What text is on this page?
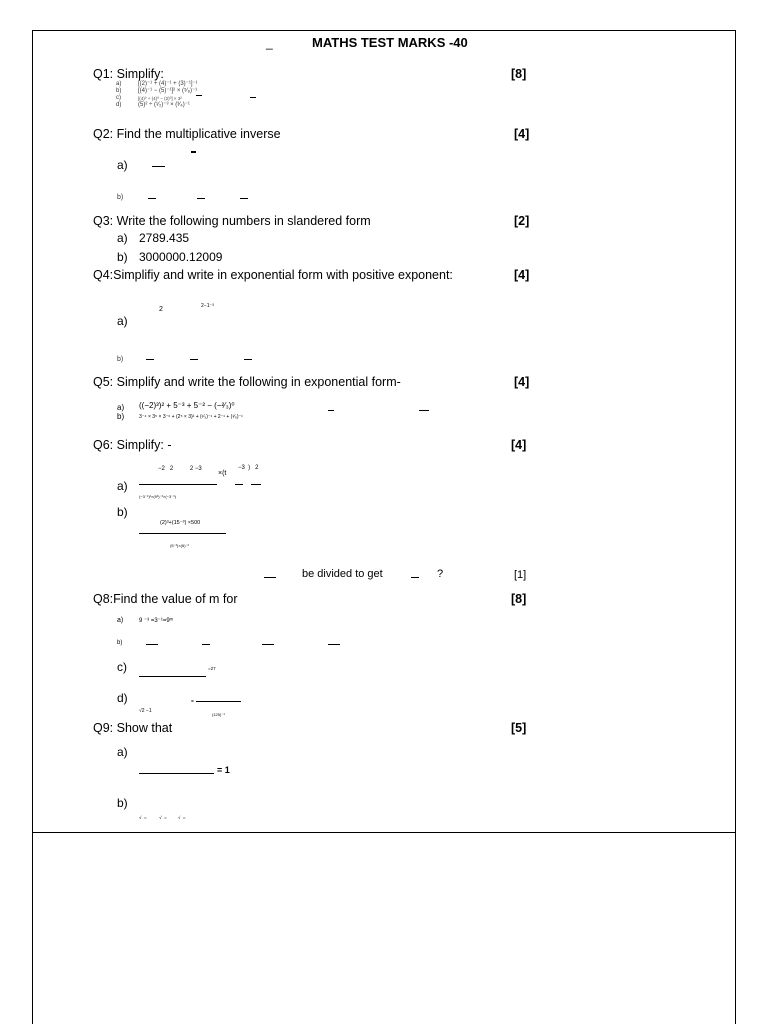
_	MATHS TEST MARKS -40
Q1: Simplify:	[8]
a)	[(2)⁻¹ + (4)⁻¹ + (3)⁻¹]⁻¹
b)	[(4)⁻¹ − (5)⁻¹]² × (⁵⁄₈)⁻¹
c)	[(4)⁰ + (4)⁰ − (2)⁰] × 3²
d)	(5)² ÷ (¹⁄₂)⁻³ × (³⁄₄)⁻¹
Q2: Find the multiplicative inverse	[4]
a)
b)
Q3: Write the following numbers in slandered form	[2]
a) 2789.435
b) 3000000.12009
Q4:Simplifiy and write in exponential form with positive exponent:	[4]
a)
2	2−1⁻³
b)
Q5: Simplify and write the following in exponential form-	[4]
a) ((−2)³)² + 5⁻³ + 5⁻² − (−²⁄₃)⁰
b)	3⁻⁴ × 3⁵ × 3⁻⁶ + (2⁵ × 3)² + (¹⁄₃)⁻¹ + 2⁻¹ + (¹⁄₅)⁻¹
Q6: Simplify: -	[4]
a)
−2   2          2 −3
×(t
−3  )   2
(−3⁻¹)²×(9³)⁻³×(−3⁻¹)
b)
(2)³+(15⁻³) ×500
(5⁻³)×(6)⁻²
be divided to get	?	[1]
Q8:Find the value of m for	[8]
a)	9 ⁻³ =3⁻¹=9ᵐ
b)
c)	=27
d)	=
(125)⁻¹
√2 −1
Q9: Show that	[5]
a)
= 1
b)
√  =          √  =         √  =
